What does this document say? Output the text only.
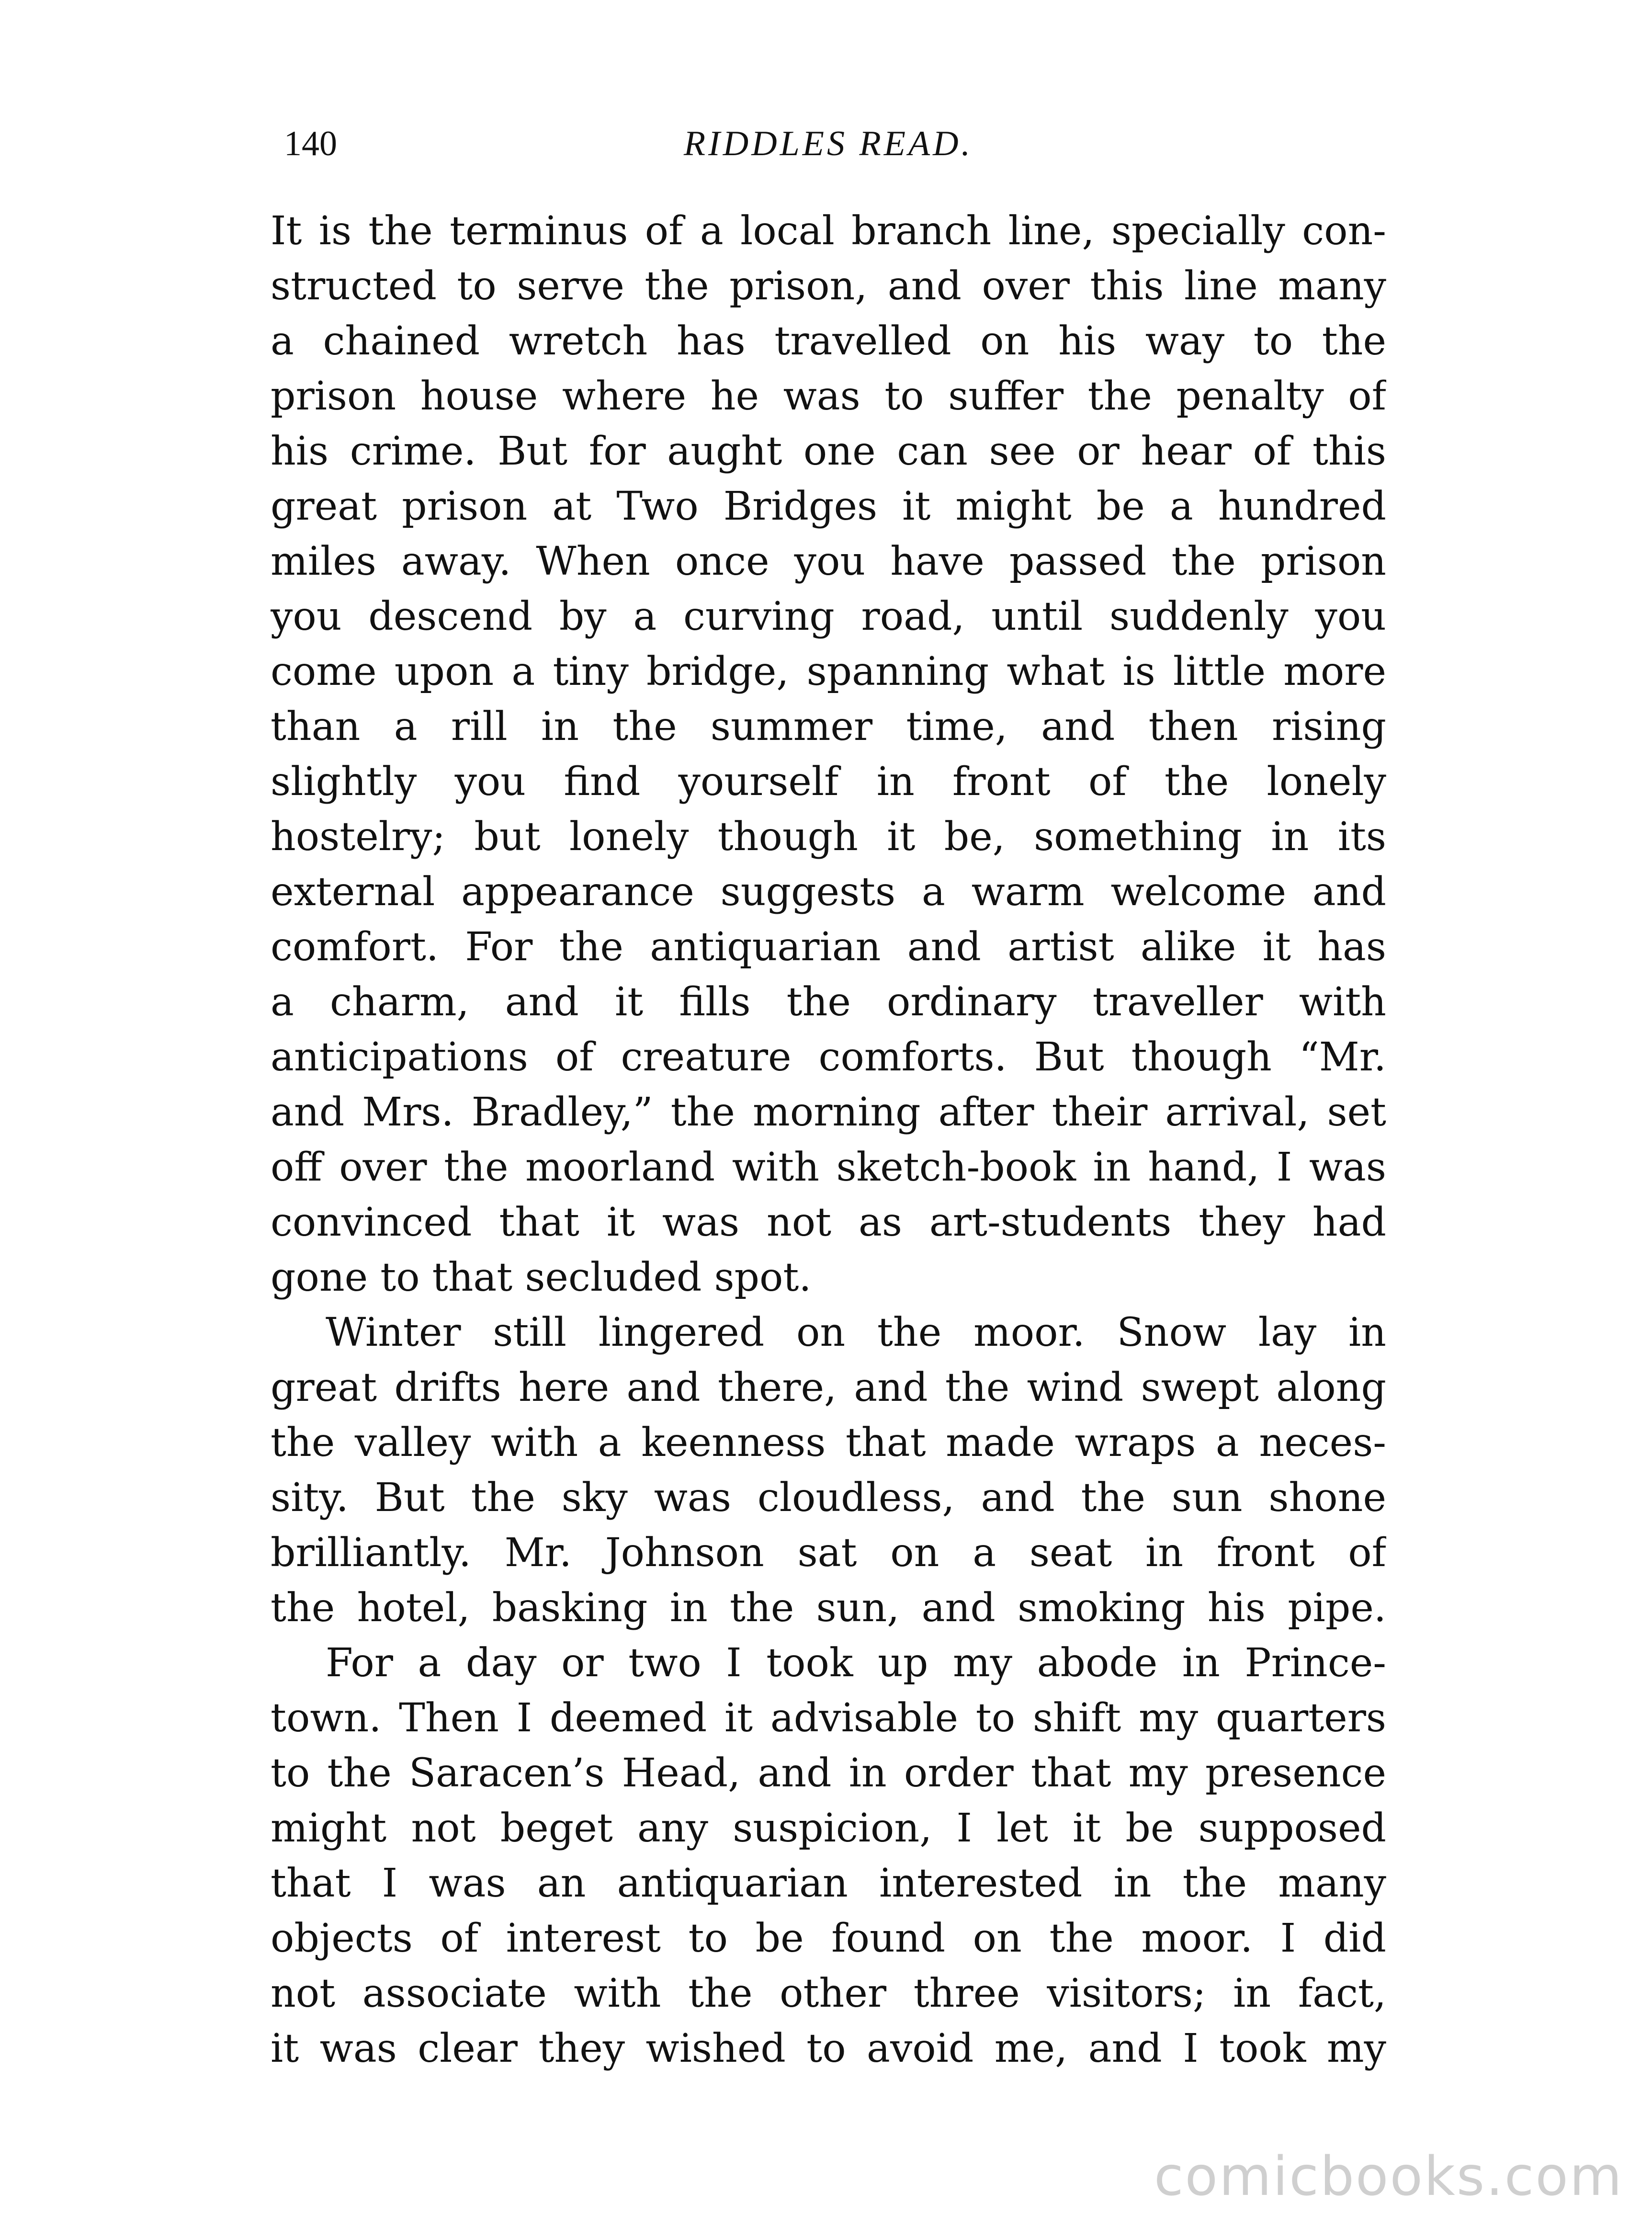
140	RIDDLES READ.
It is the terminus of a local branch line, specially con-
structed to serve the prison, and over this line many
a chained wretch has travelled on his way to the
prison house where he was to suffer the penalty of
his crime. But for aught one can see or hear of this
great prison at Two Bridges it might be a hundred
miles away. When once you have passed the prison
you descend by a curving road, until suddenly you
come upon a tiny bridge, spanning what is little more
than a rill in the summer time, and then rising
slightly you find yourself in front of the lonely
hostelry; but lonely though it be, something in its
external appearance suggests a warm welcome and
comfort. For the antiquarian and artist alike it has
a charm, and it fills the ordinary traveller with
anticipations of creature comforts. But though “Mr.
and Mrs. Bradley,” the morning after their arrival, set
off over the moorland with sketch-book in hand, I was
convinced that it was not as art-students they had
gone to that secluded spot.
Winter still lingered on the moor. Snow lay in
great drifts here and there, and the wind swept along
the valley with a keenness that made wraps a neces-
sity. But the sky was cloudless, and the sun shone
brilliantly. Mr. Johnson sat on a seat in front of
the hotel, basking in the sun, and smoking his pipe.
For a day or two I took up my abode in Prince-
town. Then I deemed it advisable to shift my quarters
to the Saracen’s Head, and in order that my presence
might not beget any suspicion, I let it be supposed
that I was an antiquarian interested in the many
objects of interest to be found on the moor. I did
not associate with the other three visitors; in fact,
it was clear they wished to avoid me, and I took my
comicbooks.com
